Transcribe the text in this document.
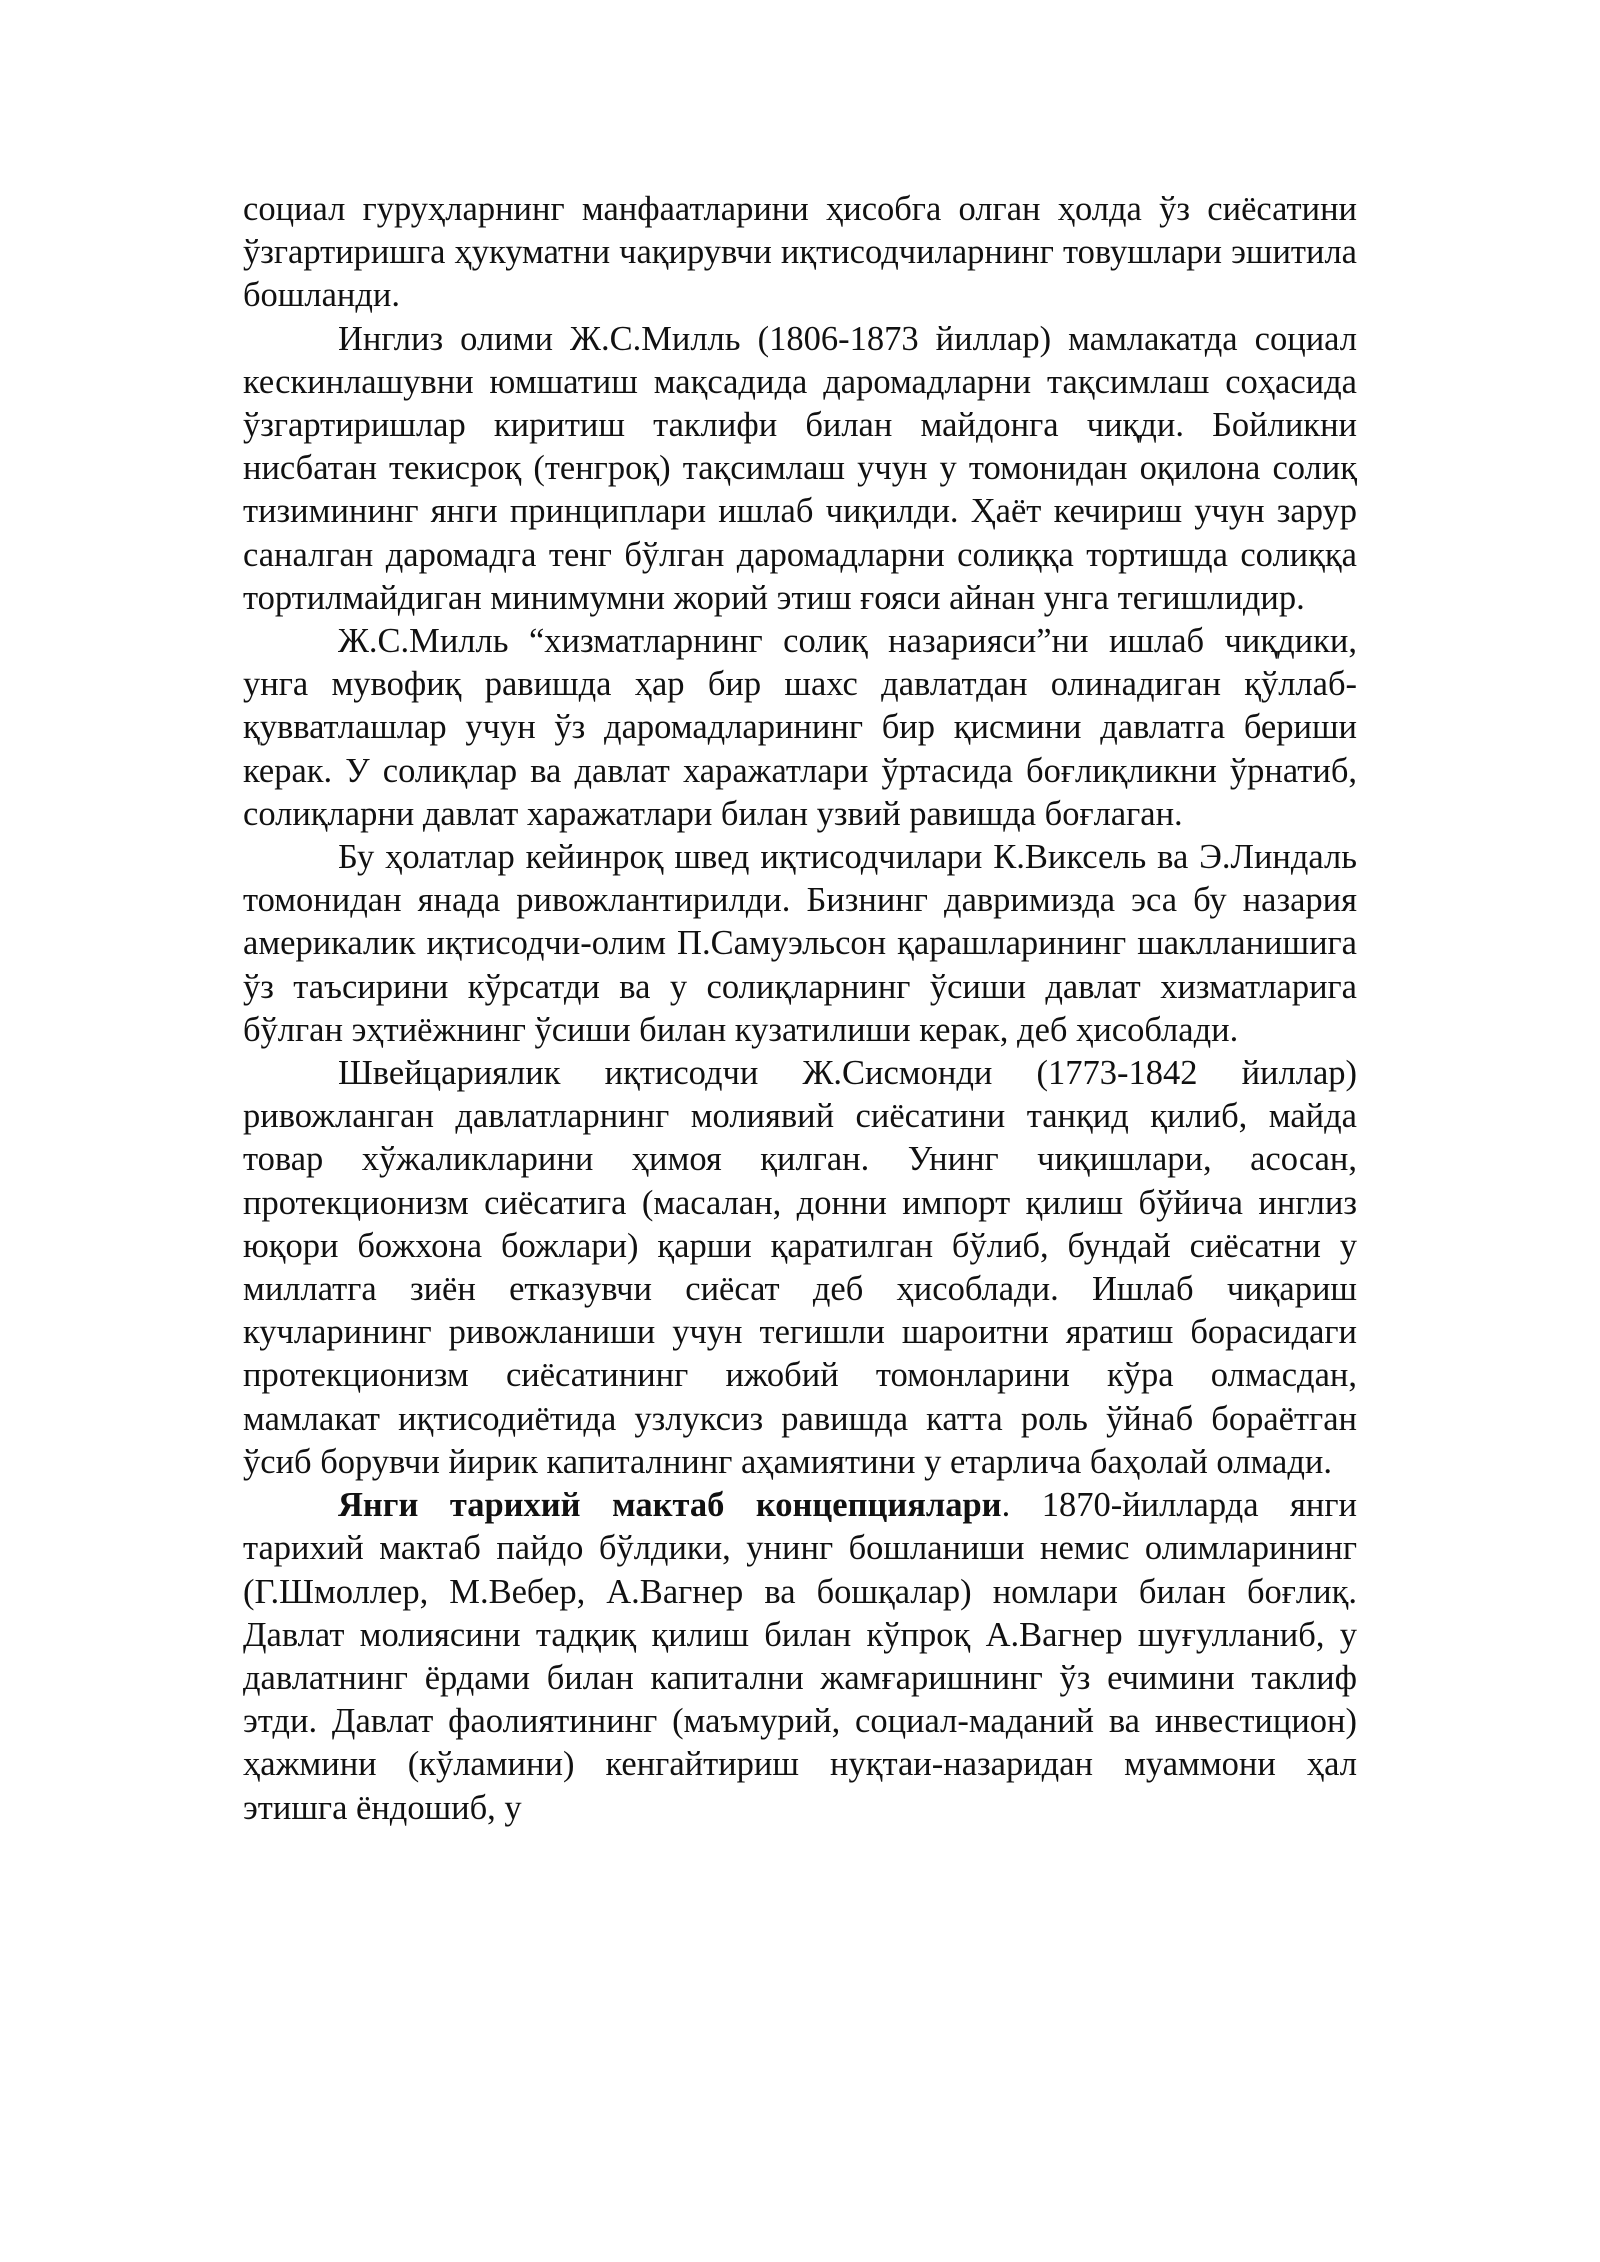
социал гуруҳларнинг манфаатларини ҳисобга олган ҳолда ўз сиёсатини ўзгартиришга ҳукуматни чақирувчи иқтисодчиларнинг товушлари эшитила бошланди.

Инглиз олими Ж.С.Милль (1806-1873 йиллар) мамлакатда социал кескинлашувни юмшатиш мақсадида даромадларни тақсимлаш соҳасида ўзгартиришлар киритиш таклифи билан майдонга чиқди. Бойликни нисбатан текисроқ (тенгроқ) тақсимлаш учун у томонидан оқилона солиқ тизимининг янги принциплари ишлаб чиқилди. Ҳаёт кечириш учун зарур саналган даромадга тенг бўлган даромадларни солиққа тортишда солиққа тортилмайдиган минимумни жорий этиш ғояси айнан унга тегишлидир.

Ж.С.Милль “хизматларнинг солиқ назарияси”ни ишлаб чиқдики, унга мувофиқ равишда ҳар бир шахс давлатдан олинадиган қўллаб-қувватлашлар учун ўз даромадларининг бир қисмини давлатга бериши керак. У солиқлар ва давлат харажатлари ўртасида боғлиқликни ўрнатиб, солиқларни давлат харажатлари билан узвий равишда боғлаган.

Бу ҳолатлар кейинроқ швед иқтисодчилари К.Виксель ва Э.Линдаль томонидан янада ривожлантирилди. Бизнинг давримизда эса бу назария америкалик иқтисодчи-олим П.Самуэльсон қарашларининг шаклланишига ўз таъсирини кўрсатди ва у солиқларнинг ўсиши давлат хизматларига бўлган эҳтиёжнинг ўсиши билан кузатилиши керак, деб ҳисоблади.

Швейцариялик иқтисодчи Ж.Сисмонди (1773-1842 йиллар) ривожланган давлатларнинг молиявий сиёсатини танқид қилиб, майда товар хўжаликларини ҳимоя қилган. Унинг чиқишлари, асосан, протекционизм сиёсатига (масалан, донни импорт қилиш бўйича инглиз юқори божхона божлари) қарши қаратилган бўлиб, бундай сиёсатни у миллатга зиён етказувчи сиёсат деб ҳисоблади. Ишлаб чиқариш кучларининг ривожланиши учун тегишли шароитни яратиш борасидаги протекционизм сиёсатининг ижобий томонларини кўра олмасдан, мамлакат иқтисодиётида узлуксиз равишда катта роль ўйнаб бораётган ўсиб борувчи йирик капиталнинг аҳамиятини у етарлича баҳолай олмади.

Янги тарихий мактаб концепциялари. 1870-йилларда янги тарихий мактаб пайдо бўлдики, унинг бошланиши немис олимларининг (Г.Шмоллер, М.Вебер, А.Вагнер ва бошқалар) номлари билан боғлиқ. Давлат молиясини тадқиқ қилиш билан кўпроқ А.Вагнер шуғулланиб, у давлатнинг ёрдами билан капитални жамғаришнинг ўз ечимини таклиф этди. Давлат фаолиятининг (маъмурий, социал-маданий ва инвестицион) ҳажмини (кўламини) кенгайтириш нуқтаи-назаридан муаммони ҳал этишга ёндошиб, у
